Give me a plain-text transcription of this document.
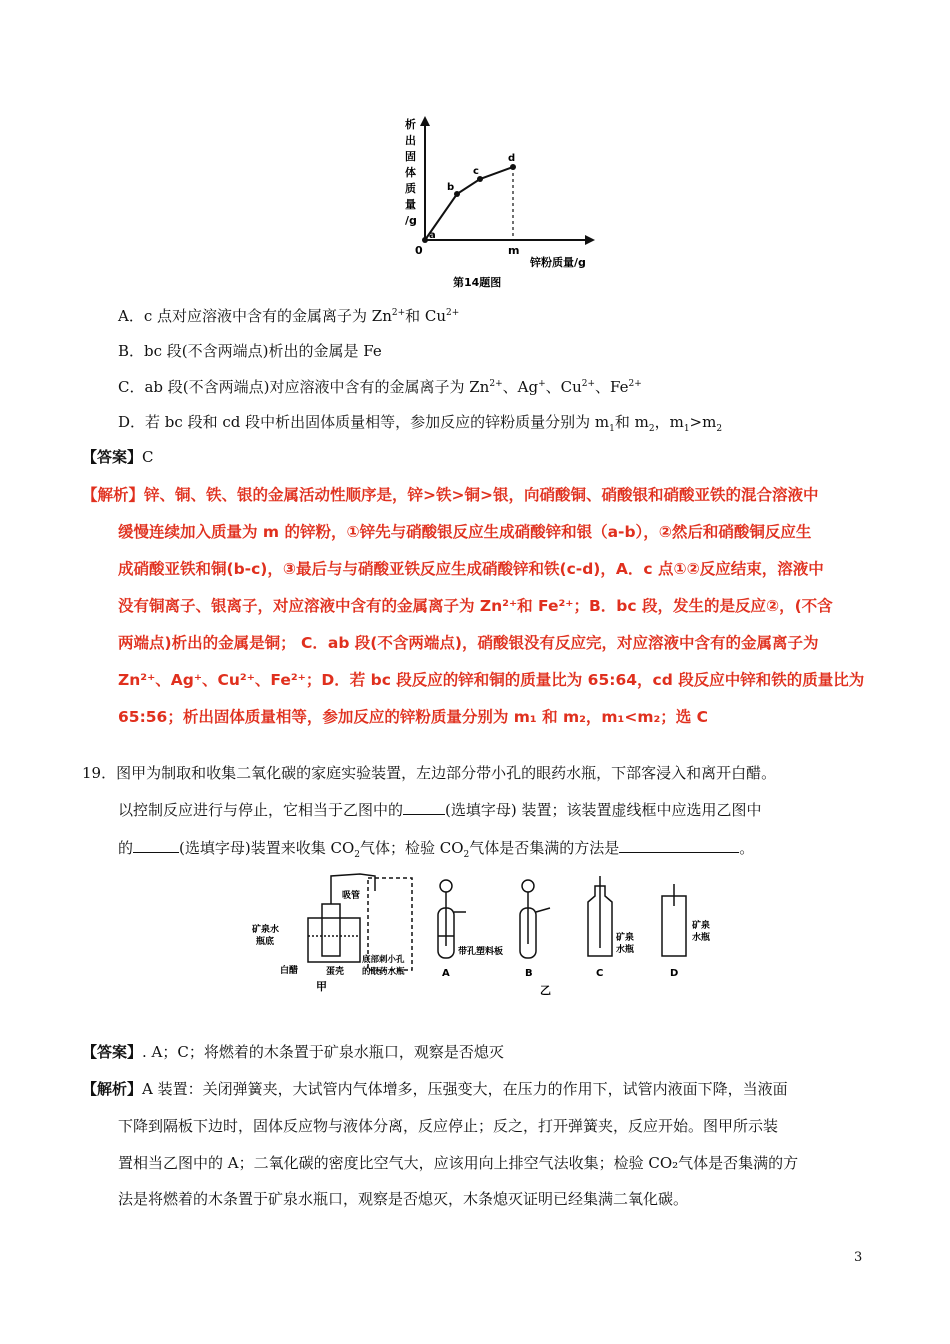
a
b
c
d
析
出
固
体
质
量
/g
0	m
锌粉质量/g
第14题图
A．c 点对应溶液中含有的金属离子为 $Zn^{2+}$和 $Cu^{2+}$
B．bc 段(不含两端点)析出的金属是 Fe
C．ab 段(不含两端点)对应溶液中含有的金属离子为 $Zn^{2+}$、Ag+、$Cu^{2+}$、$Fe^{2+}$
D．若 bc 段和 cd 段中析出固体质量相等，参加反应的锌粉质量分别为 $m_1$和 $m_2$，$m_1>m_2$
【答案】C
【解析】锌、铜、铁、银的金属活动性顺序是，锌>铁>铜>银，向硝酸铜、硝酸银和硝酸亚铁的混合溶液中
缓慢连续加入质量为 m 的锌粉，①锌先与硝酸银反应生成硝酸锌和银（a-b），②然后和硝酸铜反应生
成硝酸亚铁和铜(b-c)，③最后与与硝酸亚铁反应生成硝酸锌和铁(c-d)，A．c 点①②反应结束，溶液中
没有铜离子、银离子，对应溶液中含有的金属离子为 Zn²⁺和 Fe²⁺；B．bc 段，发生的是反应②，(不含
两端点)析出的金属是铜； C．ab 段(不含两端点)，硝酸银没有反应完，对应溶液中含有的金属离子为
Zn²⁺、Ag⁺、Cu²⁺、Fe²⁺；D．若 bc 段反应的锌和铜的质量比为 65:64，cd 段反应中锌和铁的质量比为
65:56；析出固体质量相等，参加反应的锌粉质量分别为 m₁ 和 m₂，m₁<m₂；选 C
19．图甲为制取和收集二氧化碳的家庭实验装置，左边部分带小孔的眼药水瓶，下部客浸入和离开白醋。
以控制反应进行与停止，它相当于乙图中的	(选填字母) 装置；该装置虚线框中应选用乙图中
的	(选填字母)装置来收集 $CO_2$气体；检验 $CO_2$气体是否集满的方法是	。
吸管
矿泉水
瓶底
白醋	蛋壳
底部刺小孔
的眼药水瓶
甲
A
带孔塑料板
B
矿泉
水瓶
C
矿泉
水瓶
D
乙
【答案】. A；C；将燃着的木条置于矿泉水瓶口，观察是否熄灭
【解析】A 装置：关闭弹簧夹，大试管内气体增多，压强变大，在压力的作用下，试管内液面下降，当液面
下降到隔板下边时，固体反应物与液体分离，反应停止；反之，打开弹簧夹，反应开始。图甲所示装
置相当乙图中的 A；二氧化碳的密度比空气大，应该用向上排空气法收集；检验 CO₂气体是否集满的方
法是将燃着的木条置于矿泉水瓶口，观察是否熄灭，木条熄灭证明已经集满二氧化碳。
3
